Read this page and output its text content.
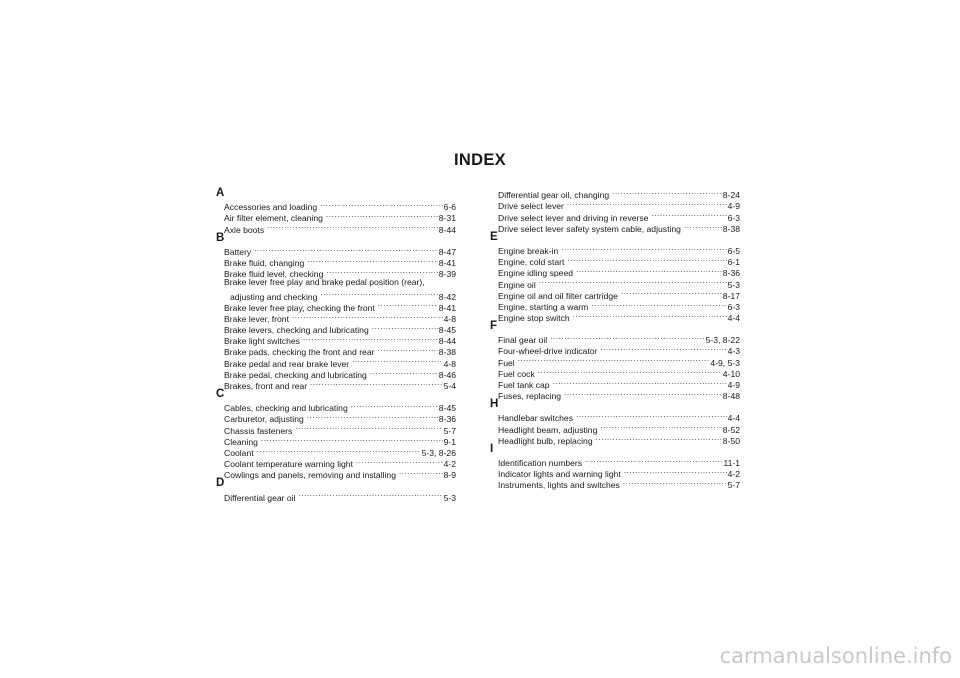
INDEX
A
Accessories and loading .....	6-6
Air filter element, cleaning .....	8-31
Axle boots .....	8-44
B
Battery .....	8-47
Brake fluid, changing .....	8-41
Brake fluid level, checking .....	8-39
Brake lever free play and brake pedal position (rear),
adjusting and checking .....	8-42
Brake lever free play, checking the front .....	8-41
Brake lever, front .....	4-8
Brake levers, checking and lubricating .....	8-45
Brake light switches .....	8-44
Brake pads, checking the front and rear .....	8-38
Brake pedal and rear brake lever .....	4-8
Brake pedal, checking and lubricating .....	8-46
Brakes, front and rear .....	5-4
C
Cables, checking and lubricating .....	8-45
Carburetor, adjusting .....	8-36
Chassis fasteners .....	5-7
Cleaning .....	9-1
Coolant .....	5-3, 8-26
Coolant temperature warning light .....	4-2
Cowlings and panels, removing and installing .....	8-9
D
Differential gear oil .....	5-3
Differential gear oil, changing .....	8-24
Drive select lever .....	4-9
Drive select lever and driving in reverse .....	6-3
Drive select lever safety system cable, adjusting .....	8-38
E
Engine break-in .....	6-5
Engine, cold start .....	6-1
Engine idling speed .....	8-36
Engine oil .....	5-3
Engine oil and oil filter cartridge .....	8-17
Engine, starting a warm .....	6-3
Engine stop switch .....	4-4
F
Final gear oil .....	5-3, 8-22
Four-wheel-drive indicator .....	4-3
Fuel .....	4-9, 5-3
Fuel cock .....	4-10
Fuel tank cap .....	4-9
Fuses, replacing .....	8-48
H
Handlebar switches .....	4-4
Headlight beam, adjusting .....	8-52
Headlight bulb, replacing .....	8-50
I
Identification numbers .....	11-1
Indicator lights and warning light .....	4-2
Instruments, lights and switches .....	5-7
carmanualsonline.info
